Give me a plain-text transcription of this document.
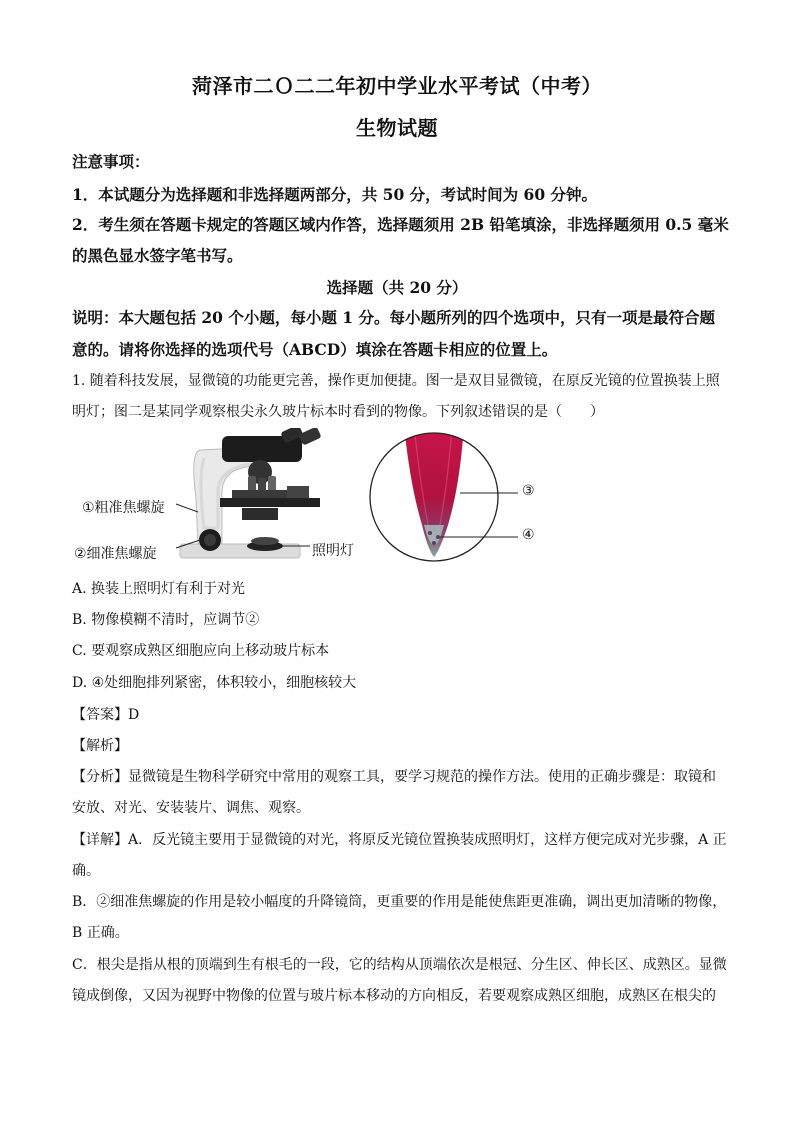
菏泽市二Ｏ二二年初中学业水平考试（中考）
生物试题
注意事项：
1．本试题分为选择题和非选择题两部分，共 50 分，考试时间为 60 分钟。
2．考生须在答题卡规定的答题区域内作答，选择题须用 2B 铅笔填涂，非选择题须用 0.5 毫米
的黑色显水签字笔书写。
选择题（共 20 分）
说明：本大题包括 20 个小题，每小题 1 分。每小题所列的四个选项中，只有一项是最符合题
意的。请将你选择的选项代号（ABCD）填涂在答题卡相应的位置上。
1. 随着科技发展，显微镜的功能更完善，操作更加便捷。图一是双目显微镜，在原反光镜的位置换装上照
明灯；图二是某同学观察根尖永久玻片标本时看到的物像。下列叙述错误的是（　　）
①粗准焦螺旋
②细准焦螺旋	照明灯
③
④
A. 换装上照明灯有利于对光
B. 物像模糊不清时，应调节②
C. 要观察成熟区细胞应向上移动玻片标本
D. ④处细胞排列紧密，体积较小，细胞核较大
【答案】D
【解析】
【分析】显微镜是生物科学研究中常用的观察工具，要学习规范的操作方法。使用的正确步骤是：取镜和
安放、对光、安装装片、调焦、观察。
【详解】A．反光镜主要用于显微镜的对光，将原反光镜位置换装成照明灯，这样方便完成对光步骤，A 正
确。
B．②细准焦螺旋的作用是较小幅度的升降镜筒，更重要的作用是能使焦距更准确，调出更加清晰的物像，
B 正确。
C．根尖是指从根的顶端到生有根毛的一段，它的结构从顶端依次是根冠、分生区、伸长区、成熟区。显微
镜成倒像，又因为视野中物像的位置与玻片标本移动的方向相反，若要观察成熟区细胞，成熟区在根尖的
